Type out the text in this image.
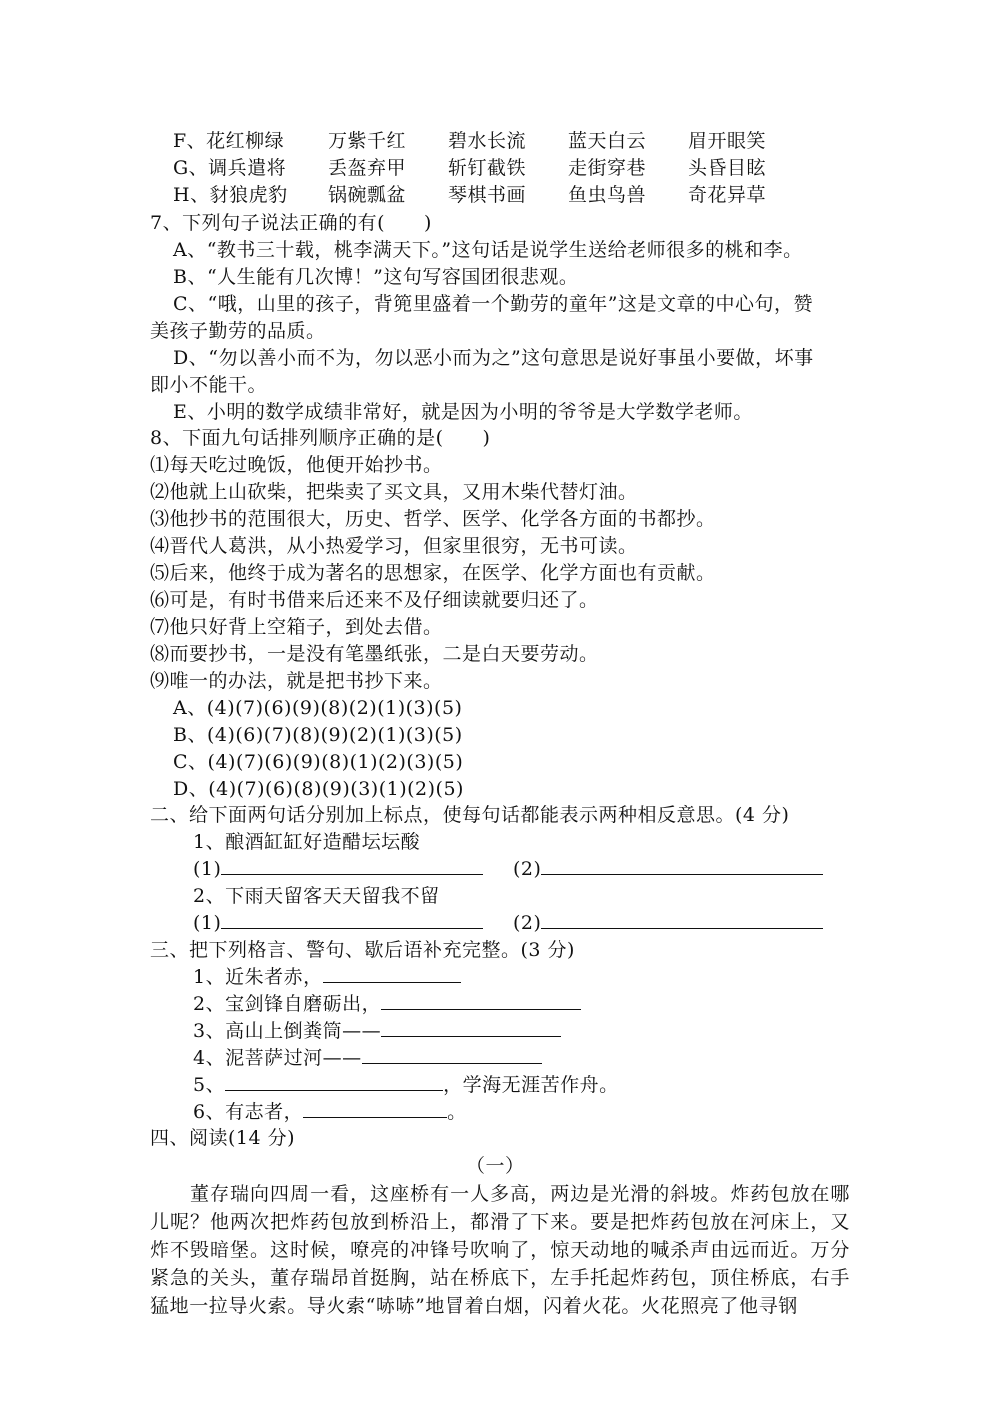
F、花红柳绿 万紫千红 碧水长流 蓝天白云 眉开眼笑
G、调兵遣将 丢盔弃甲 斩钉截铁 走街穿巷 头昏目眩
H、豺狼虎豹 锅碗瓢盆 琴棋书画 鱼虫鸟兽 奇花异草
7、下列句子说法正确的有(　　)
A、“教书三十载，桃李满天下。”这句话是说学生送给老师很多的桃和李。
B、“人生能有几次博！”这句写容国团很悲观。
C、“哦，山里的孩子，背篼里盛着一个勤劳的童年”这是文章的中心句，赞
美孩子勤劳的品质。
D、“勿以善小而不为，勿以恶小而为之”这句意思是说好事虽小要做，坏事
即小不能干。
E、小明的数学成绩非常好，就是因为小明的爷爷是大学数学老师。
8、下面九句话排列顺序正确的是(　　)
⑴每天吃过晚饭，他便开始抄书。
⑵他就上山砍柴，把柴卖了买文具，又用木柴代替灯油。
⑶他抄书的范围很大，历史、哲学、医学、化学各方面的书都抄。
⑷晋代人葛洪，从小热爱学习，但家里很穷，无书可读。
⑸后来，他终于成为著名的思想家，在医学、化学方面也有贡献。
⑹可是，有时书借来后还来不及仔细读就要归还了。
⑺他只好背上空箱子，到处去借。
⑻而要抄书，一是没有笔墨纸张，二是白天要劳动。
⑼唯一的办法，就是把书抄下来。
A、(4)(7)(6)(9)(8)(2)(1)(3)(5)
B、(4)(6)(7)(8)(9)(2)(1)(3)(5)
C、(4)(7)(6)(9)(8)(1)(2)(3)(5)
D、(4)(7)(6)(8)(9)(3)(1)(2)(5)
二、给下面两句话分别加上标点，使每句话都能表示两种相反意思。(4 分)
1、酿酒缸缸好造醋坛坛酸
(1)	(2)
2、下雨天留客天天留我不留
(1)	(2)
三、把下列格言、警句、歇后语补充完整。(3 分)
1、近朱者赤，
2、宝剑锋自磨砺出，
3、高山上倒粪筒——
4、泥菩萨过河——
5、	，学海无涯苦作舟。
6、有志者，	。
四、阅读(14 分)
（一）
董存瑞向四周一看，这座桥有一人多高，两边是光滑的斜坡。炸药包放在哪儿呢？他两次把炸药包放到桥沿上，都滑了下来。要是把炸药包放在河床上，又炸不毁暗堡。这时候，嘹亮的冲锋号吹响了，惊天动地的喊杀声由远而近。万分紧急的关头，董存瑞昂首挺胸，站在桥底下，左手托起炸药包，顶住桥底，右手猛地一拉导火索。导火索“哧哧”地冒着白烟，闪着火花。火花照亮了他寻钢
